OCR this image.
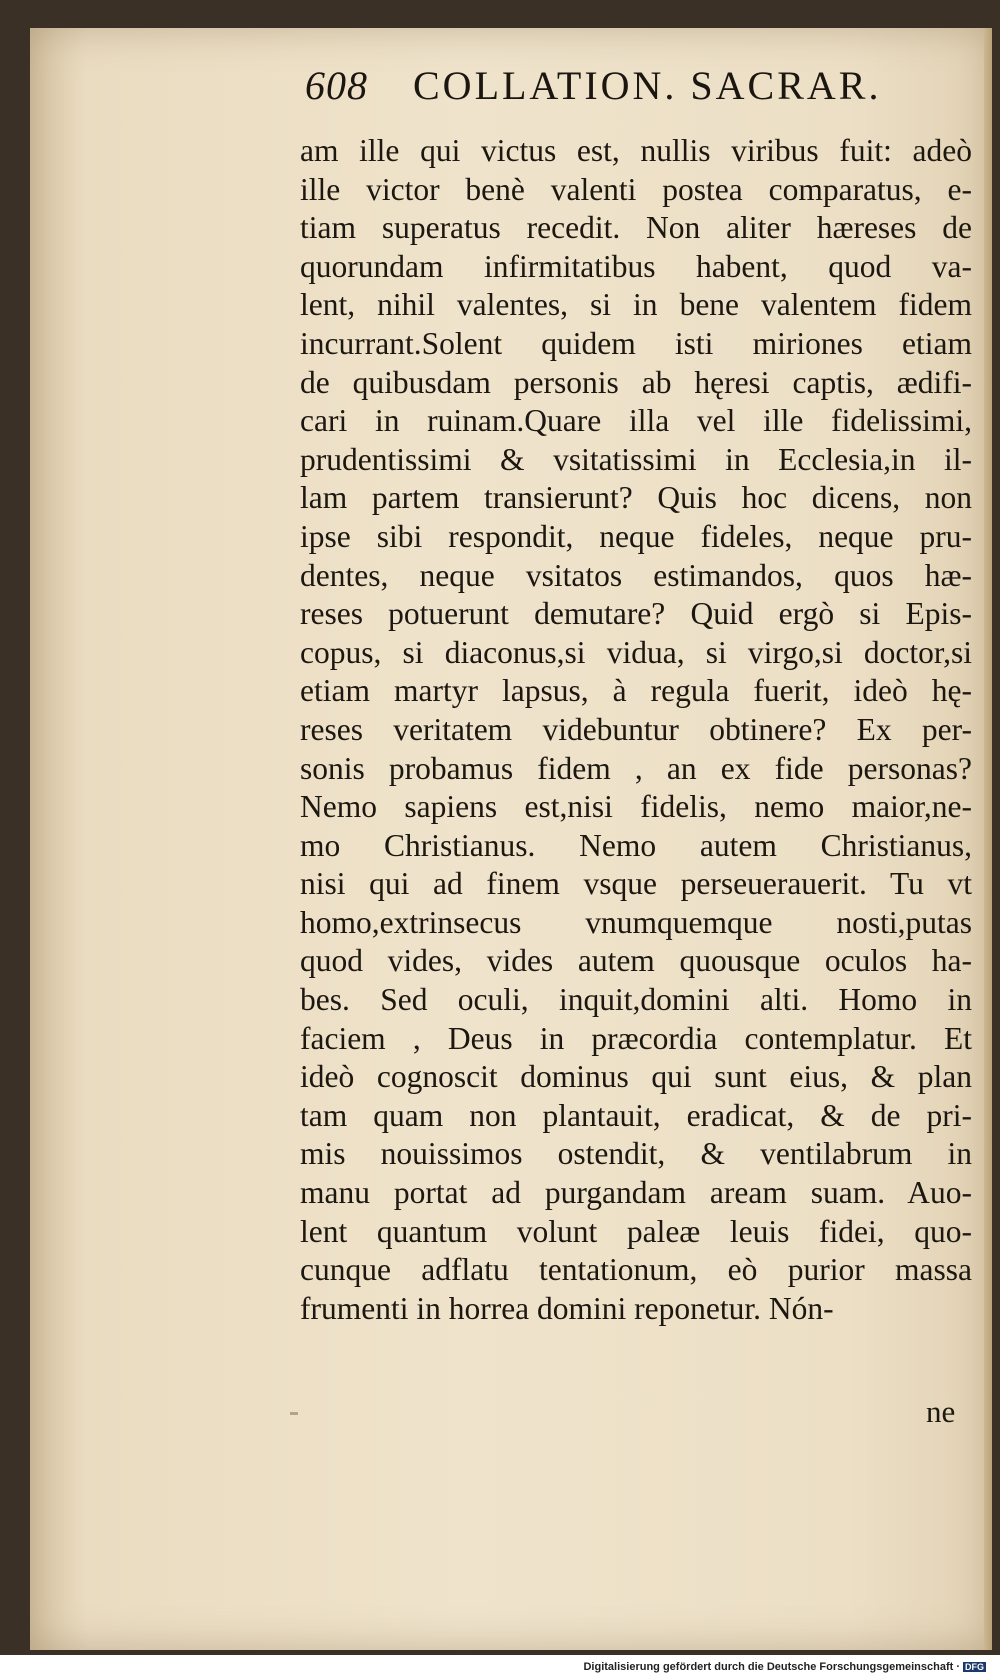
608 COLLATION. SACRAR.
am ille qui victus est, nullis viribus fuit: adeò
ille victor benè valenti postea comparatus, e-
tiam superatus recedit. Non aliter hæreses de
quorundam infirmitatibus habent, quod va-
lent, nihil valentes, si in bene valentem fidem
incurrant.Solent quidem isti miriones etiam
de quibusdam personis ab hęresi captis, ædifi-
cari in ruinam.Quare illa vel ille fidelissimi,
prudentissimi & vsitatissimi in Ecclesia,in il-
lam partem transierunt? Quis hoc dicens, non
ipse sibi respondit, neque fideles, neque pru-
dentes, neque vsitatos estimandos, quos hæ-
reses potuerunt demutare? Quid ergò si Epis-
copus, si diaconus,si vidua, si virgo,si doctor,si
etiam martyr lapsus, à regula fuerit, ideò hę-
reses veritatem videbuntur obtinere? Ex per-
sonis probamus fidem , an ex fide personas?
Nemo sapiens est,nisi fidelis, nemo maior,ne-
mo Christianus. Nemo autem Christianus,
nisi qui ad finem vsque perseuerauerit. Tu vt
homo,extrinsecus vnumquemque nosti,putas
quod vides, vides autem quousque oculos ha-
bes. Sed oculi, inquit,domini alti. Homo in
faciem , Deus in præcordia contemplatur. Et
ideò cognoscit dominus qui sunt eius, & plan
tam quam non plantauit, eradicat, & de pri-
mis nouissimos ostendit, & ventilabrum in
manu portat ad purgandam aream suam. Auo-
lent quantum volunt paleæ leuis fidei, quo-
cunque adflatu tentationum, eò purior massa
frumenti in horrea domini reponetur. Nón-
ne
Digitalisierung gefördert durch die Deutsche Forschungsgemeinschaft · DFG
